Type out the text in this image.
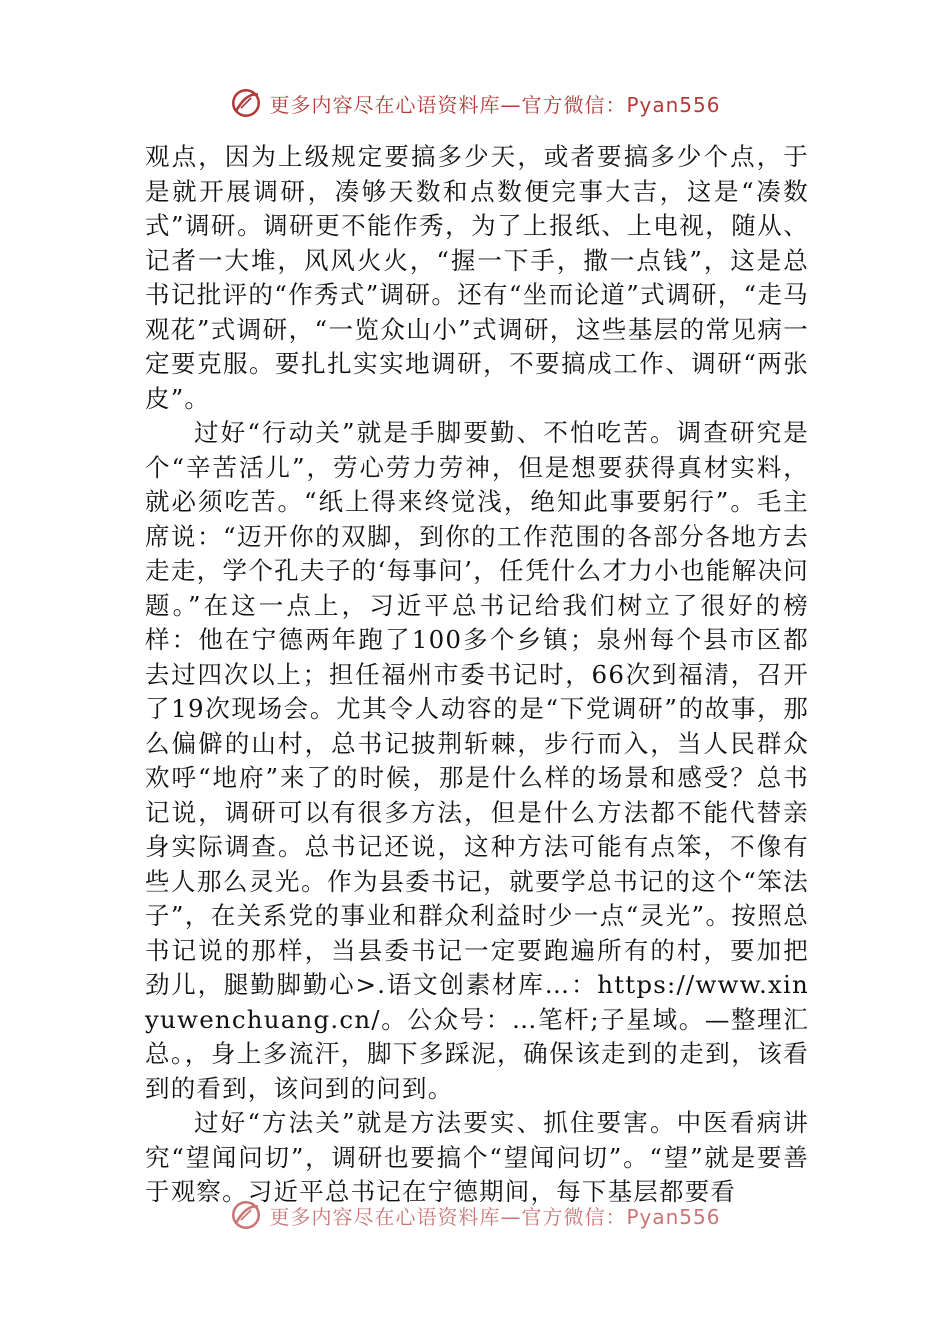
更多内容尽在心语资料库—官方微信：Pyan556

观点，因为上级规定要搞多少天，或者要搞多少个点，于是就开展调研，凑够天数和点数便完事大吉，这是“凑数式”调研。调研更不能作秀，为了上报纸、上电视，随从、记者一大堆，风风火火，“握一下手，撒一点钱”，这是总书记批评的“作秀式”调研。还有“坐而论道”式调研，“走马观花”式调研，“一览众山小”式调研，这些基层的常见病一定要克服。要扎扎实实地调研，不要搞成工作、调研“两张皮”。

过好“行动关”就是手脚要勤、不怕吃苦。调查研究是个“辛苦活儿”，劳心劳力劳神，但是想要获得真材实料，就必须吃苦。“纸上得来终觉浅，绝知此事要躬行”。毛主席说：“迈开你的双脚，到你的工作范围的各部分各地方去走走，学个孔夫子的‘每事问’，任凭什么才力小也能解决问题。”在这一点上，习近平总书记给我们树立了很好的榜样：他在宁德两年跑了100多个乡镇；泉州每个县市区都去过四次以上；担任福州市委书记时，66次到福清，召开了19次现场会。尤其令人动容的是“下党调研”的故事，那么偏僻的山村，总书记披荆斩棘，步行而入，当人民群众欢呼“地府”来了的时候，那是什么样的场景和感受？总书记说，调研可以有很多方法，但是什么方法都不能代替亲身实际调查。总书记还说，这种方法可能有点笨，不像有些人那么灵光。作为县委书记，就要学总书记的这个“笨法子”，在关系党的事业和群众利益时少一点“灵光”。按照总书记说的那样，当县委书记一定要跑遍所有的村，要加把劲儿，腿勤脚勤心>.语文创素材库…：https://www.xinyuwenchuang.cn/。公众号：…笔杆;子星域。—整理汇总。，身上多流汗，脚下多踩泥，确保该走到的走到，该看到的看到，该问到的问到。

过好“方法关”就是方法要实、抓住要害。中医看病讲究“望闻问切”，调研也要搞个“望闻问切”。“望”就是要善于观察。习近平总书记在宁德期间，每下基层都要看

更多内容尽在心语资料库—官方微信：Pyan556
